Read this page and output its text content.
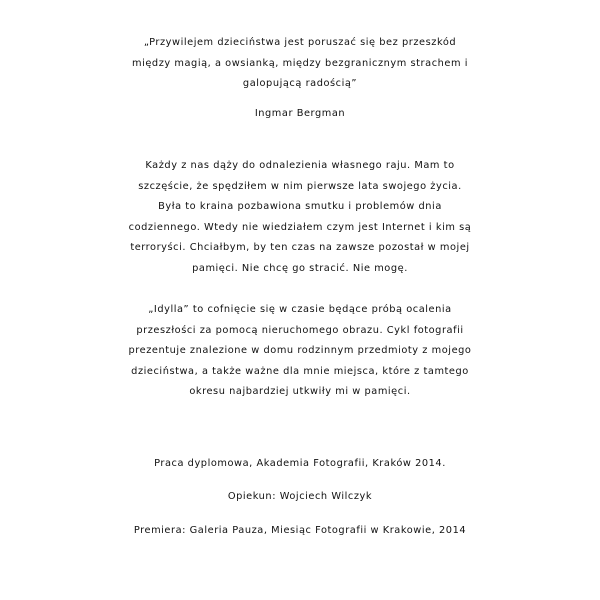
„Przywilejem dzieciństwa jest poruszać się bez przeszkód
między magią, a owsianką, między bezgranicznym strachem i
galopującą radością”

Ingmar Bergman

Każdy z nas dąży do odnalezienia własnego raju. Mam to
szczęście, że spędziłem w nim pierwsze lata swojego życia.
Była to kraina pozbawiona smutku i problemów dnia
codziennego. Wtedy nie wiedziałem czym jest Internet i kim są
terroryści. Chciałbym, by ten czas na zawsze pozostał w mojej
pamięci. Nie chcę go stracić. Nie mogę.

„Idylla” to cofnięcie się w czasie będące próbą ocalenia
przeszłości za pomocą nieruchomego obrazu. Cykl fotografii
prezentuje znalezione w domu rodzinnym przedmioty z mojego
dzieciństwa, a także ważne dla mnie miejsca, które z tamtego
okresu najbardziej utkwiły mi w pamięci.

Praca dyplomowa, Akademia Fotografii, Kraków 2014.

Opiekun: Wojciech Wilczyk

Premiera: Galeria Pauza, Miesiąc Fotografii w Krakowie, 2014
